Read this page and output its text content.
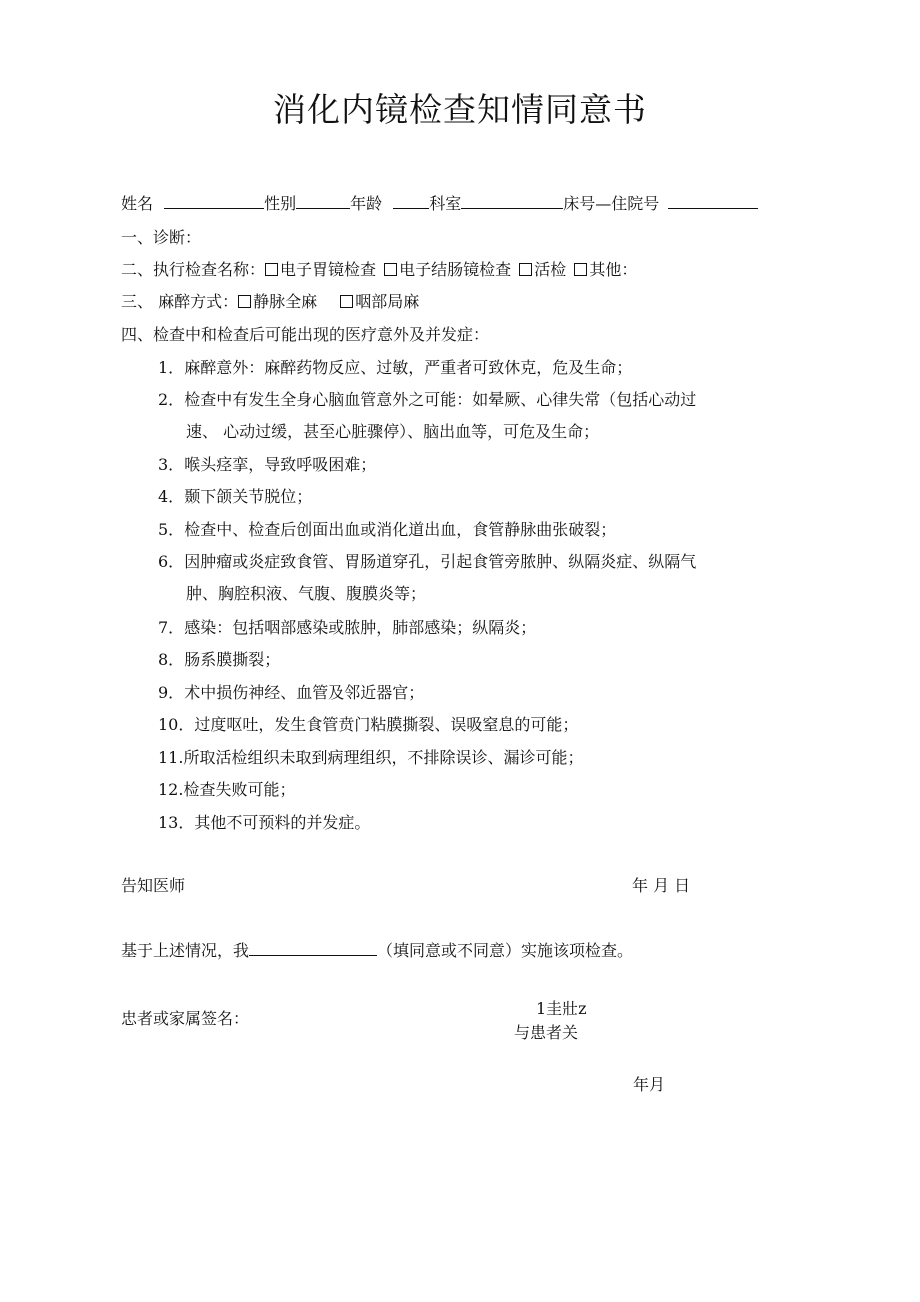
消化内镜检查知情同意书
姓名	性别	年龄	科室	床号—住院号
一、诊断：
二、执行检查名称： 电子胃镜检查 电子结肠镜检查 活检 其他：
三、 麻醉方式： 静脉全麻 咽部局麻
四、检查中和检查后可能出现的医疗意外及并发症：
1．麻醉意外：麻醉药物反应、过敏，严重者可致休克，危及生命；
2．检查中有发生全身心脑血管意外之可能：如晕厥、心律失常（包括心动过
速、 心动过缓，甚至心脏骤停）、脑出血等，可危及生命；
3．喉头痉挛，导致呼吸困难；
4．颞下颌关节脱位；
5．检查中、检查后创面出血或消化道出血，食管静脉曲张破裂；
6．因肿瘤或炎症致食管、胃肠道穿孔，引起食管旁脓肿、纵隔炎症、纵隔气
肿、胸腔积液、气腹、腹膜炎等；
7．感染：包括咽部感染或脓肿，肺部感染；纵隔炎；
8．肠系膜撕裂；
9．术中损伤神经、血管及邻近器官；
10．过度呕吐，发生食管贲门粘膜撕裂、误吸窒息的可能；
11.所取活检组织未取到病理组织，不排除误诊、漏诊可能；
12.检查失败可能；
13．其他不可预料的并发症。
告知医师	年 月 日
基于上述情况，我	（填同意或不同意）实施该项检查。
忠者或家属签名：
1圭壯z
与患者关
年月
